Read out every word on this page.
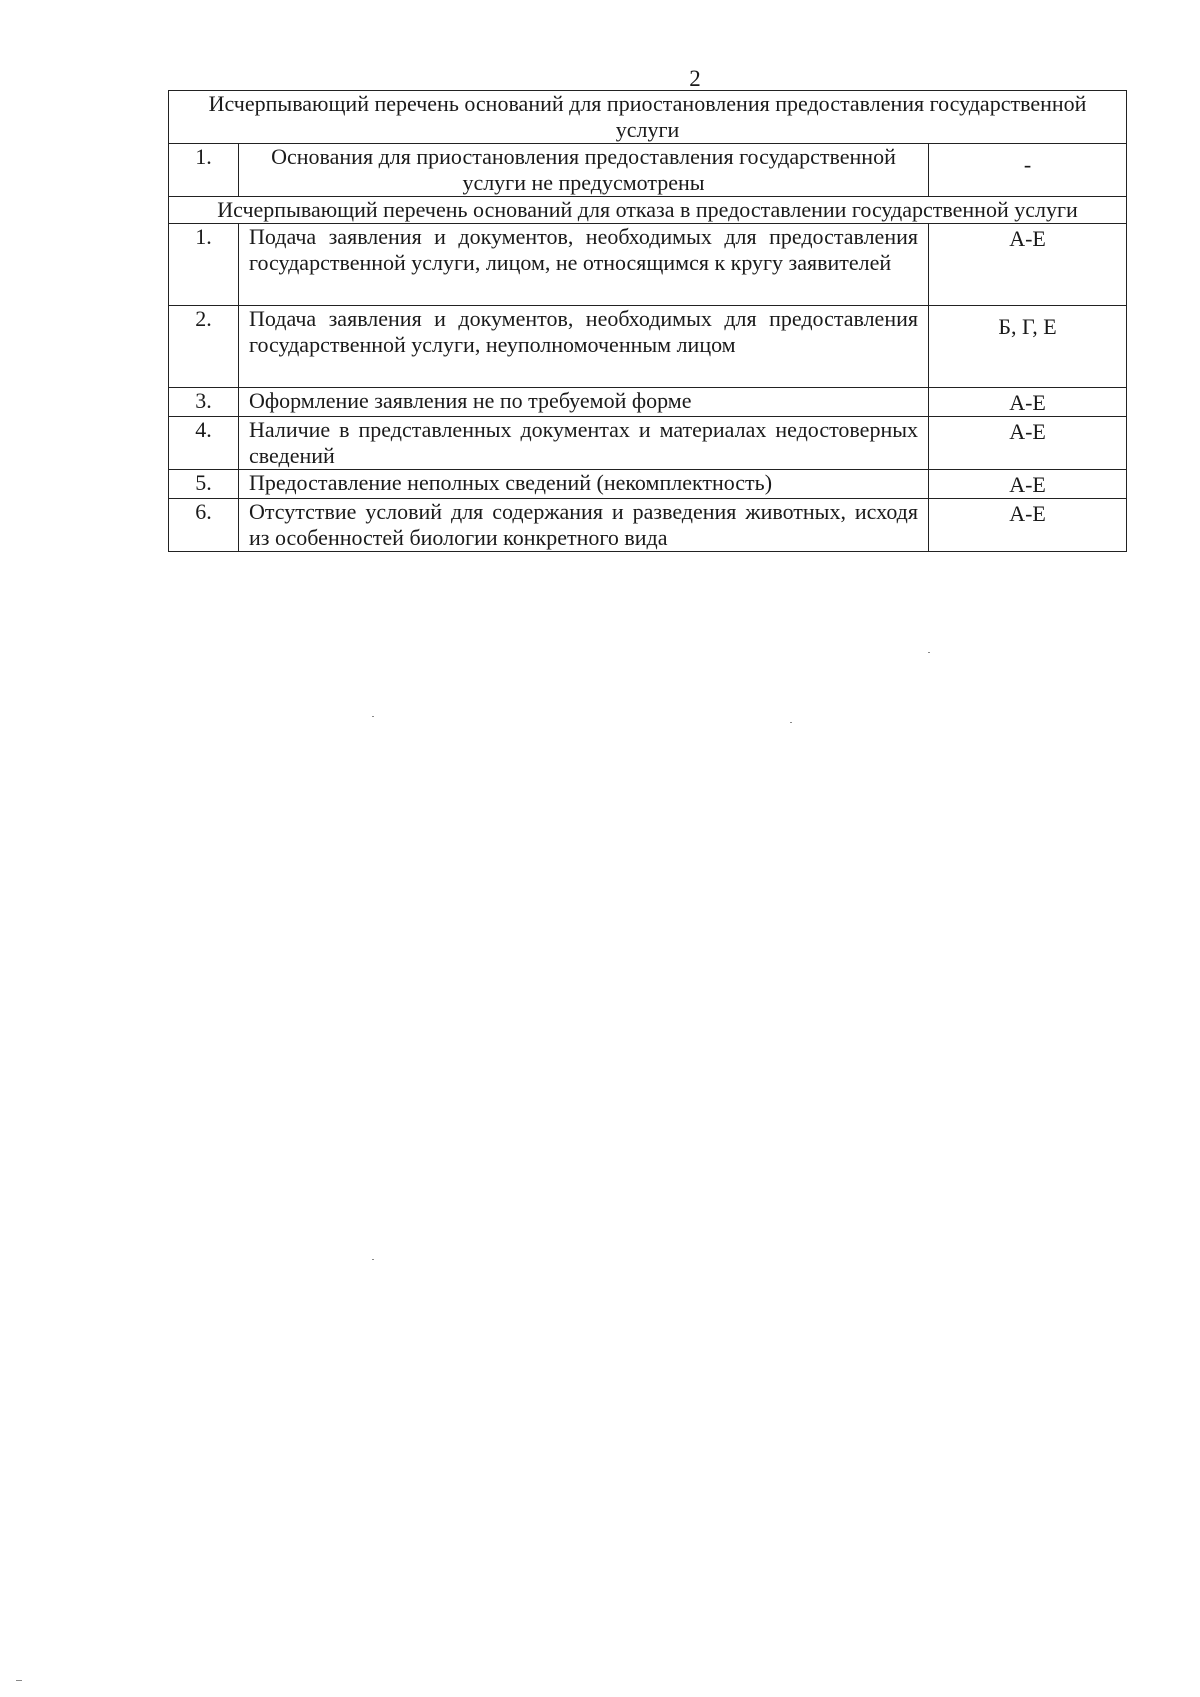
2
Исчерпывающий перечень оснований для приостановления предоставления государственной услуги		
1.	Основания для приостановления предоставления государственной услуги не предусмотрены	-
Исчерпывающий перечень оснований для отказа в предоставлении государственной услуги		
1.	Подача заявления и документов, необходимых для предоставления государственной услуги, лицом, не относящимся к кругу заявителей	А-Е
2.	Подача заявления и документов, необходимых для предоставления государственной услуги, неуполномоченным лицом	Б, Г, Е
3.	Оформление заявления не по требуемой форме	А-Е
4.	Наличие в представленных документах и материалах недостоверных сведений	А-Е
5.	Предоставление неполных сведений (некомплектность)	А-Е
6.	Отсутствие условий для содержания и разведения животных, исходя из особенностей биологии конкретного вида	А-Е
